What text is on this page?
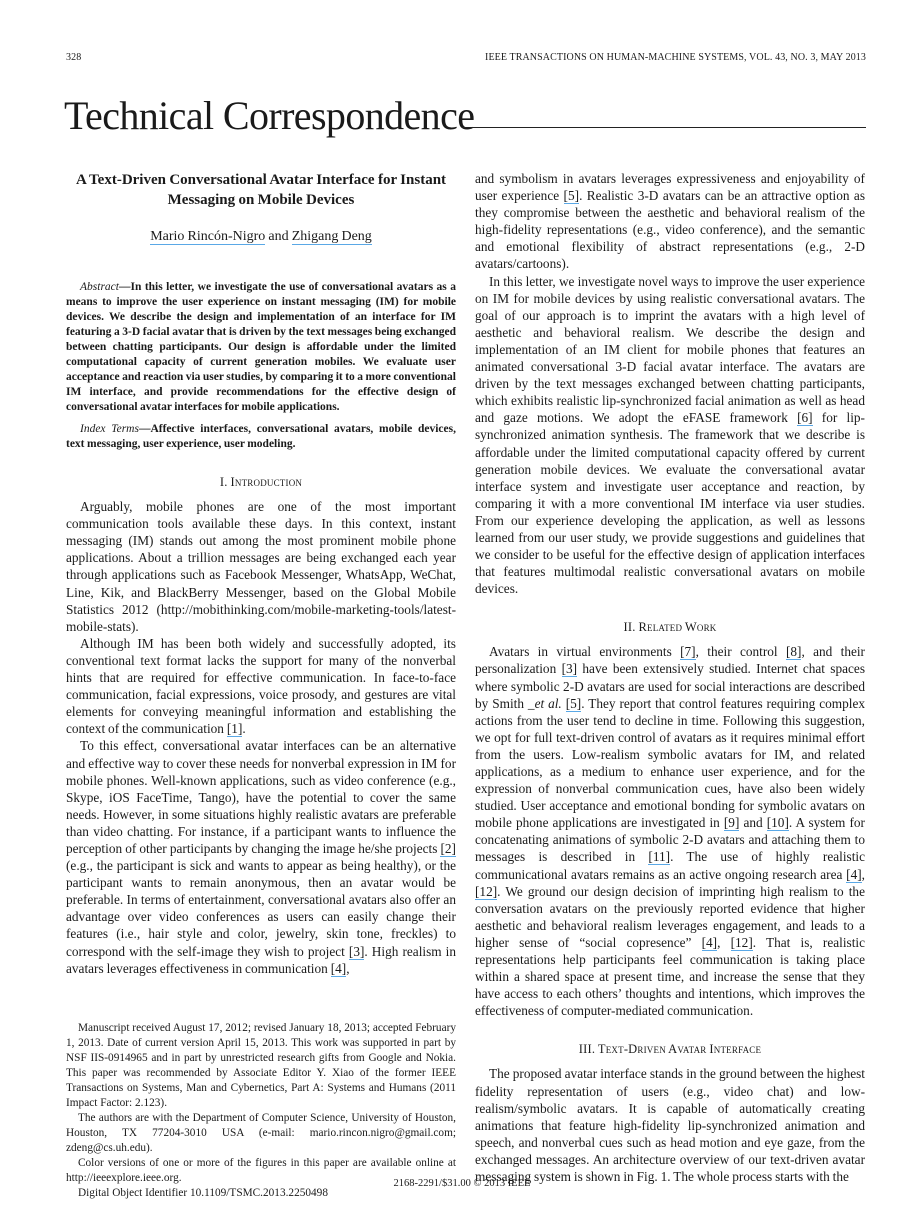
328	IEEE TRANSACTIONS ON HUMAN-MACHINE SYSTEMS, VOL. 43, NO. 3, MAY 2013
Technical Correspondence
A Text-Driven Conversational Avatar Interface for Instant Messaging on Mobile Devices
Mario Rincón-Nigro and Zhigang Deng

Abstract—In this letter, we investigate the use of conversational avatars as a means to improve the user experience on instant messaging (IM) for mobile devices. We describe the design and implementation of an interface for IM featuring a 3-D facial avatar that is driven by the text messages being exchanged between chatting participants. Our design is affordable under the limited computational capacity of current generation mobiles. We evaluate user acceptance and reaction via user studies, by comparing it to a more conventional IM interface, and provide recommendations for the effective design of conversational avatar interfaces for mobile applications.

Index Terms—Affective interfaces, conversational avatars, mobile devices, text messaging, user experience, user modeling.

I. Introduction

Arguably, mobile phones are one of the most important communication tools available these days. In this context, instant messaging (IM) stands out among the most prominent mobile phone applications. About a trillion messages are being exchanged each year through applications such as Facebook Messenger, WhatsApp, WeChat, Line, Kik, and BlackBerry Messenger, based on the Global Mobile Statistics 2012 (http://mobithinking.com/mobile-marketing-tools/latest-mobile-stats).

Although IM has been both widely and successfully adopted, its conventional text format lacks the support for many of the nonverbal hints that are required for effective communication. In face-to-face communication, facial expressions, voice prosody, and gestures are vital elements for conveying meaningful information and establishing the context of the communication [1].

To this effect, conversational avatar interfaces can be an alternative and effective way to cover these needs for nonverbal expression in IM for mobile phones. Well-known applications, such as video conference (e.g., Skype, iOS FaceTime, Tango), have the potential to cover the same needs. However, in some situations highly realistic avatars are preferable than video chatting. For instance, if a participant wants to influence the perception of other participants by changing the image he/she projects [2] (e.g., the participant is sick and wants to appear as being healthy), or the participant wants to remain anonymous, then an avatar would be preferable. In terms of entertainment, conversational avatars also offer an advantage over video conferences as users can easily change their features (i.e., hair style and color, jewelry, skin tone, freckles) to correspond with the self-image they wish to project [3]. High realism in avatars leverages effectiveness in communication [4],

Manuscript received August 17, 2012; revised January 18, 2013; accepted February 1, 2013. Date of current version April 15, 2013. This work was supported in part by NSF IIS-0914965 and in part by unrestricted research gifts from Google and Nokia. This paper was recommended by Associate Editor Y. Xiao of the former IEEE Transactions on Systems, Man and Cybernetics, Part A: Systems and Humans (2011 Impact Factor: 2.123).

The authors are with the Department of Computer Science, University of Houston, Houston, TX 77204-3010 USA (e-mail: mario.rincon.nigro@gmail.com; zdeng@cs.uh.edu).

Color versions of one or more of the figures in this paper are available online at http://ieeexplore.ieee.org.

Digital Object Identifier 10.1109/TSMC.2013.2250498

and symbolism in avatars leverages expressiveness and enjoyability of user experience [5]. Realistic 3-D avatars can be an attractive option as they compromise between the aesthetic and behavioral realism of the high-fidelity representations (e.g., video conference), and the semantic and emotional flexibility of abstract representations (e.g., 2-D avatars/cartoons).

In this letter, we investigate novel ways to improve the user experience on IM for mobile devices by using realistic conversational avatars. The goal of our approach is to imprint the avatars with a high level of aesthetic and behavioral realism. We describe the design and implementation of an IM client for mobile phones that features an animated conversational 3-D facial avatar interface. The avatars are driven by the text messages exchanged between chatting participants, which exhibits realistic lip-synchronized facial animation as well as head and gaze motions. We adopt the eFASE framework [6] for lip-synchronized animation synthesis. The framework that we describe is affordable under the limited computational capacity offered by current generation mobile devices. We evaluate the conversational avatar interface system and investigate user acceptance and reaction, by comparing it with a more conventional IM interface via user studies. From our experience developing the application, as well as lessons learned from our user study, we provide suggestions and guidelines that we consider to be useful for the effective design of application interfaces that features multimodal realistic conversational avatars on mobile devices.

II. Related Work

Avatars in virtual environments [7], their control [8], and their personalization [3] have been extensively studied. Internet chat spaces where symbolic 2-D avatars are used for social interactions are described by Smith _et al. [5]. They report that control features requiring complex actions from the user tend to decline in time. Following this suggestion, we opt for full text-driven control of avatars as it requires minimal effort from the users. Low-realism symbolic avatars for IM, and related applications, as a medium to enhance user experience, and for the expression of nonverbal communication cues, have also been widely studied. User acceptance and emotional bonding for symbolic avatars on mobile phone applications are investigated in [9] and [10]. A system for concatenating animations of symbolic 2-D avatars and attaching them to messages is described in [11]. The use of highly realistic communicational avatars remains as an active ongoing research area [4], [12]. We ground our design decision of imprinting high realism to the conversation avatars on the previously reported evidence that higher aesthetic and behavioral realism leverages engagement, and leads to a higher sense of “social copresence” [4], [12]. That is, realistic representations help participants feel communication is taking place within a shared space at present time, and increase the sense that they have access to each others’ thoughts and intentions, which improves the effectiveness of computer-mediated communication.

III. Text-Driven Avatar Interface

The proposed avatar interface stands in the ground between the highest fidelity representation of users (e.g., video chat) and low-realism/symbolic avatars. It is capable of automatically creating animations that feature high-fidelity lip-synchronized animation and speech, and nonverbal cues such as head motion and eye gaze, from the exchanged messages. An architecture overview of our text-driven avatar messaging system is shown in Fig. 1. The whole process starts with the

2168-2291/$31.00 © 2013 IEEE
